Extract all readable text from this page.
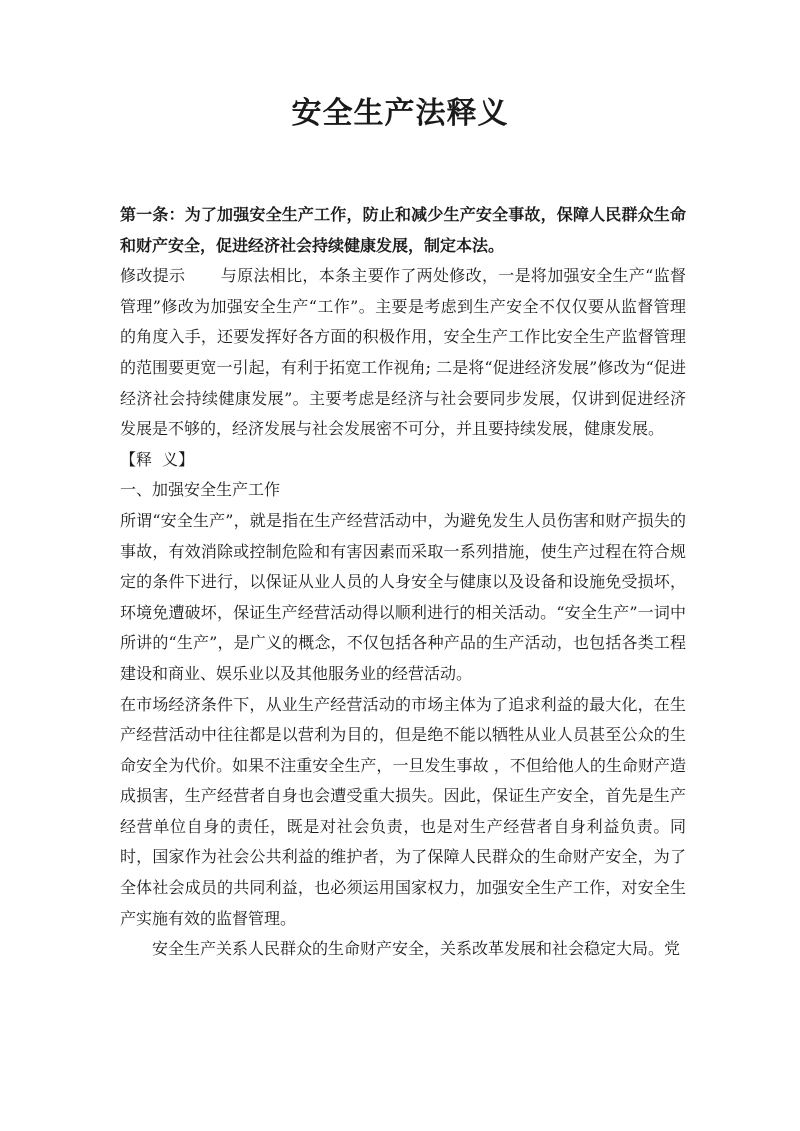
安全生产法释义

第一条：为了加强安全生产工作，防止和减少生产安全事故，保障人民群众生命和财产安全，促进经济社会持续健康发展，制定本法。

修改提示 与原法相比，本条主要作了两处修改，一是将加强安全生产“监督管理”修改为加强安全生产“工作”。主要是考虑到生产安全不仅仅要从监督管理的角度入手，还要发挥好各方面的积极作用，安全生产工作比安全生产监督管理的范围要更宽一引起，有利于拓宽工作视角; 二是将“促进经济发展”修改为“促进经济社会持续健康发展”。主要考虑是经济与社会要同步发展，仅讲到促进经济发展是不够的，经济发展与社会发展密不可分，并且要持续发展，健康发展。

【释  义】

一、加强安全生产工作

所谓“安全生产”，就是指在生产经营活动中，为避免发生人员伤害和财产损失的事故，有效消除或控制危险和有害因素而采取一系列措施，使生产过程在符合规定的条件下进行，以保证从业人员的人身安全与健康以及设备和设施免受损坏，环境免遭破坏，保证生产经营活动得以顺利进行的相关活动。“安全生产”一词中所讲的“生产”，是广义的概念，不仅包括各种产品的生产活动，也包括各类工程建设和商业、娱乐业以及其他服务业的经营活动。

在市场经济条件下，从业生产经营活动的市场主体为了追求利益的最大化，在生产经营活动中往往都是以营利为目的，但是绝不能以牺牲从业人员甚至公众的生命安全为代价。如果不注重安全生产，一旦发生事故 ，不但给他人的生命财产造成损害，生产经营者自身也会遭受重大损失。因此，保证生产安全，首先是生产经营单位自身的责任，既是对社会负责，也是对生产经营者自身利益负责。同时，国家作为社会公共利益的维护者，为了保障人民群众的生命财产安全，为了全体社会成员的共同利益，也必须运用国家权力，加强安全生产工作，对安全生产实施有效的监督管理。

安全生产关系人民群众的生命财产安全，关系改革发展和社会稳定大局。党
